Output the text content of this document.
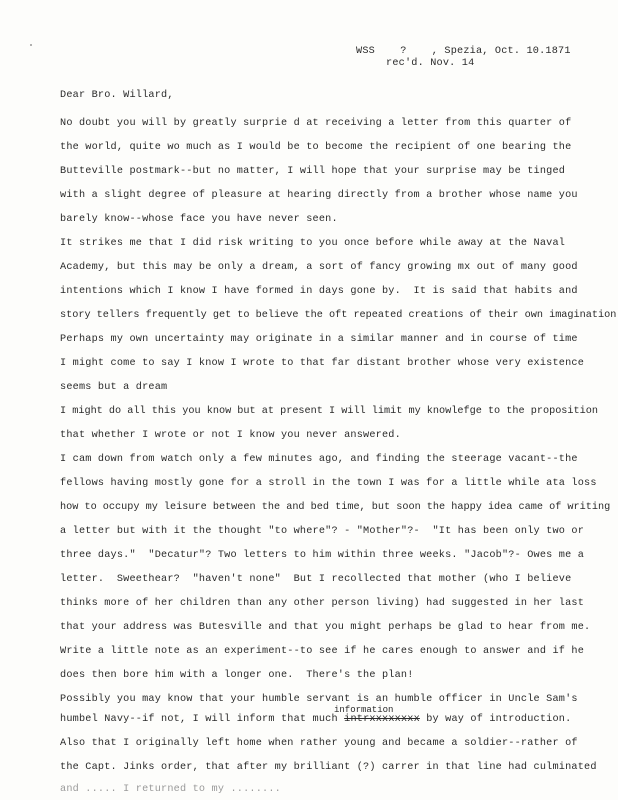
WSS    ?    , Spezia, Oct. 10.1871
rec'd. Nov. 14
Dear Bro. Willard,
No doubt you will by greatly surprie d at receiving a letter from this quarter of
the world, quite wo much as I would be to become the recipient of one bearing the
Butteville postmark--but no matter, I will hope that your surprise may be tinged
with a slight degree of pleasure at hearing directly from a brother whose name you
barely know--whose face you have never seen.
It strikes me that I did risk writing to you once before while away at the Naval
Academy, but this may be only a dream, a sort of fancy growing mx out of many good
intentions which I know I have formed in days gone by.  It is said that habits and
story tellers frequently get to believe the oft repeated creations of their own imagination
Perhaps my own uncertainty may originate in a similar manner and in course of time
I might come to say I know I wrote to that far distant brother whose very existence
seems but a dream
I might do all this you know but at present I will limit my knowlefge to the proposition
that whether I wrote or not I know you never answered.
I cam down from watch only a few minutes ago, and finding the steerage vacant--the
fellows having mostly gone for a stroll in the town I was for a little while ata loss
how to occupy my leisure between the and bed time, but soon the happy idea came of writing
a letter but with it the thought "to where"? - "Mother"?-  "It has been only two or
three days."  "Decatur"? Two letters to him within three weeks. "Jacob"?- Owes me a
letter.  Sweethear?  "haven't none"  But I recollected that mother (who I believe
thinks more of her children than any other person living) had suggested in her last
that your address was Butesville and that you might perhaps be glad to hear from me.
Write a little note as an experiment--to see if he cares enough to answer and if he
does then bore him with a longer one.  There's the plan!
Possibly you may know that your humble servant is an humble officer in Uncle Sam's
information
humbel Navy--if not, I will inform that much intrxxxxxxxx by way of introduction.
Also that I originally left home when rather young and became a soldier--rather of
the Capt. Jinks order, that after my brilliant (?) carrer in that line had culminated
and ..... I returned to my ........
